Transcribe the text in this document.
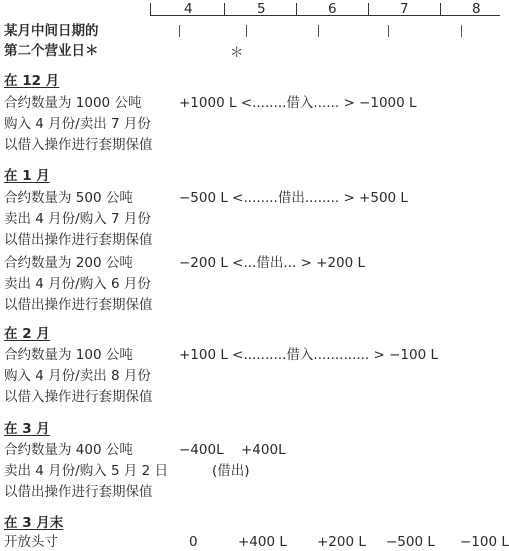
4	5	6	7	8
某月中间日期的
第二个营业日＊	＊
在 12 月
合约数量为 1000 公吨
购入 4 月份/卖出 7 月份
以借入操作进行套期保值
+1000 L <........借入...... > −1000 L
在 1 月
合约数量为 500 公吨
卖出 4 月份/购入 7 月份
以借出操作进行套期保值
−500 L <........借出........ > +500 L
合约数量为 200 公吨
卖出 4 月份/购入 6 月份
以借出操作进行套期保值
−200 L <...借出... > +200 L
在 2 月
合约数量为 100 公吨
购入 4 月份/卖出 8 月份
以借入操作进行套期保值
+100 L <..........借入............. > −100 L
在 3 月
合约数量为 400 公吨
卖出 4 月份/购入 5 月 2 日
以借出操作进行套期保值
−400L +400L
(借出)
在 3 月末
开放头寸	0	+400 L +200 L −500 L −100 L
